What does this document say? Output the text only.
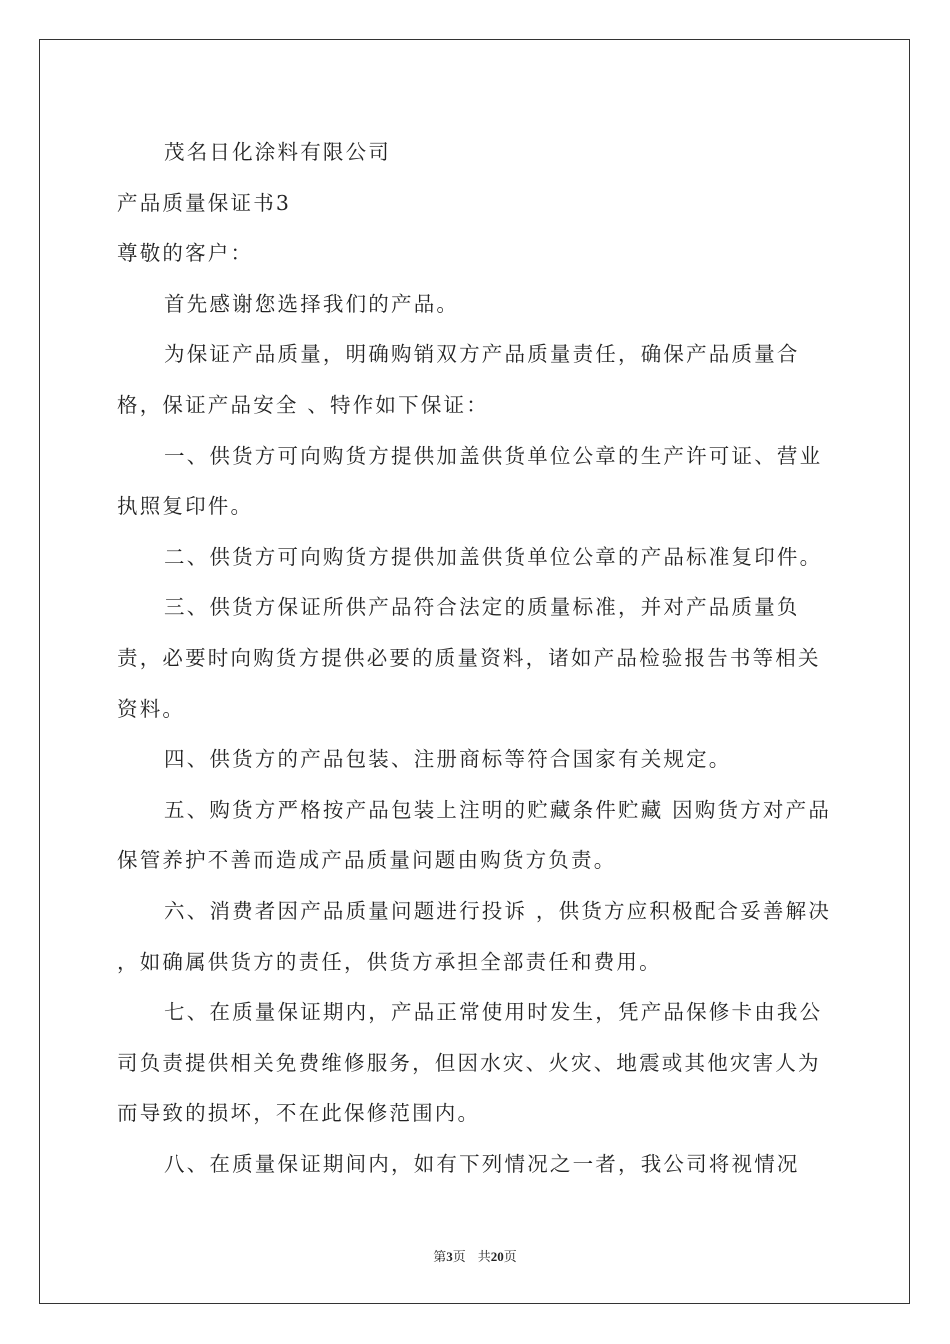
茂名日化涂料有限公司

产品质量保证书3

尊敬的客户：

首先感谢您选择我们的产品。

为保证产品质量，明确购销双方产品质量责任，确保产品质量合格，保证产品安全 、特作如下保证：

一、供货方可向购货方提供加盖供货单位公章的生产许可证、营业执照复印件。

二、供货方可向购货方提供加盖供货单位公章的产品标准复印件。

三、供货方保证所供产品符合法定的质量标准，并对产品质量负责，必要时向购货方提供必要的质量资料，诸如产品检验报告书等相关资料。

四、供货方的产品包装、注册商标等符合国家有关规定。

五、购货方严格按产品包装上注明的贮藏条件贮藏 因购货方对产品保管养护不善而造成产品质量问题由购货方负责。

六、消费者因产品质量问题进行投诉 ，供货方应积极配合妥善解决 ，如确属供货方的责任，供货方承担全部责任和费用。

七、在质量保证期内，产品正常使用时发生，凭产品保修卡由我公司负责提供相关免费维修服务，但因水灾、火灾、地震或其他灾害人为而导致的损坏，不在此保修范围内。

八、在质量保证期间内，如有下列情况之一者，我公司将视情况

第3页 共20页
